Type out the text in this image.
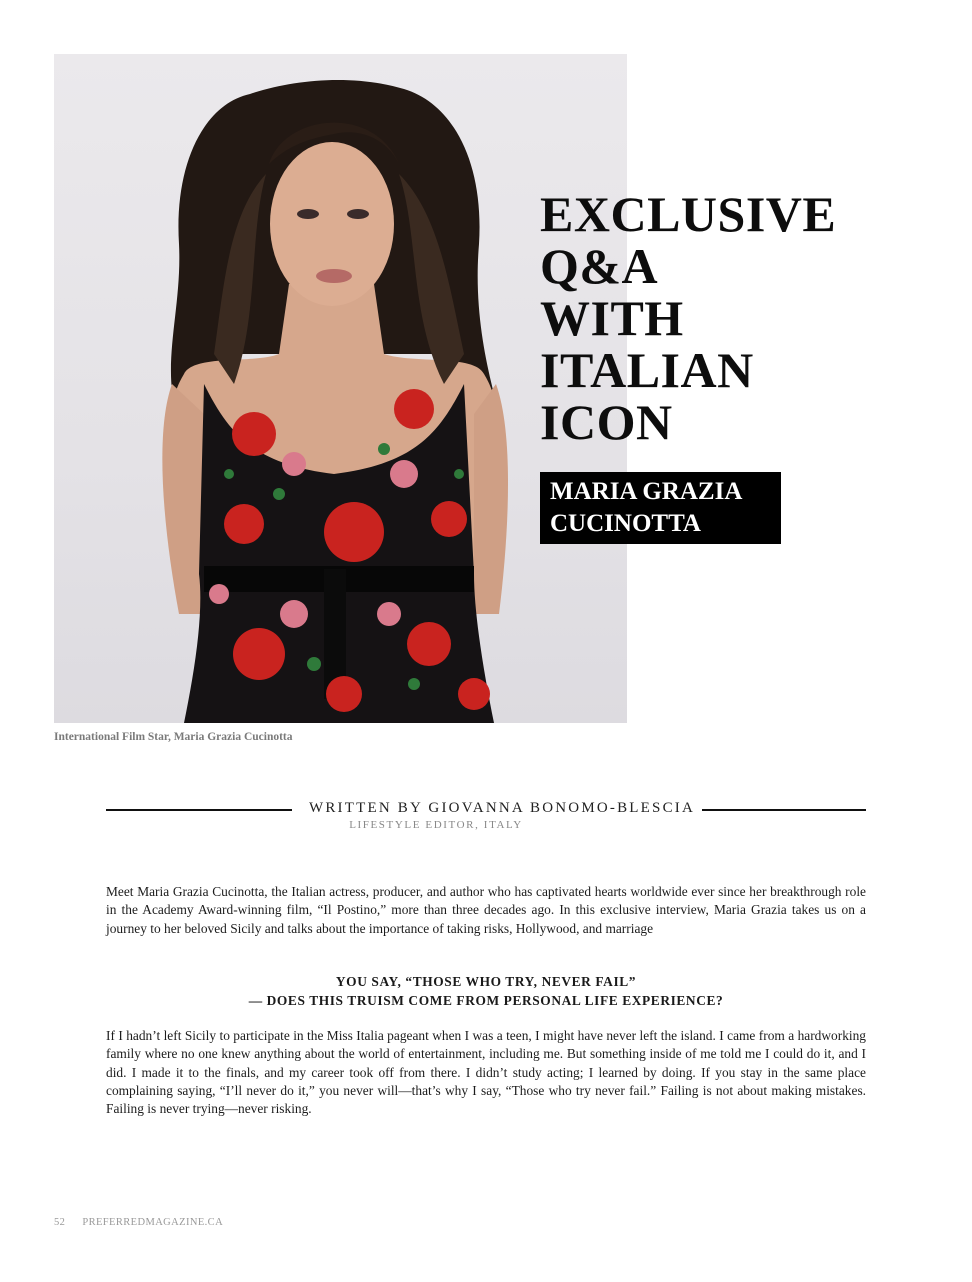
International Film Star, Maria Grazia Cucinotta
EXCLUSIVE
Q&A
WITH
ITALIAN
ICON
MARIA GRAZIA
CUCINOTTA
WRITTEN BY GIOVANNA BONOMO-BLESCIA
LIFESTYLE EDITOR, ITALY

Meet Maria Grazia Cucinotta, the Italian actress, producer, and author who has captivated hearts worldwide ever since her breakthrough role in the Academy Award-winning film, “Il Postino,” more than three decades ago. In this exclusive interview, Maria Grazia takes us on a journey to her beloved Sicily and talks about the importance of taking risks, Hollywood, and marriage

YOU SAY, “THOSE WHO TRY, NEVER FAIL”
— DOES THIS TRUISM COME FROM PERSONAL LIFE EXPERIENCE?

If I hadn’t left Sicily to participate in the Miss Italia pageant when I was a teen, I might have never left the island. I came from a hardworking family where no one knew anything about the world of entertainment, including me. But something inside of me told me I could do it, and I did. I made it to the finals, and my career took off from there. I didn’t study acting; I learned by doing. If you stay in the same place complaining saying, “I’ll never do it,” you never will—that’s why I say, “Those who try never fail.” Failing is not about making mistakes. Failing is never trying—never risking.

52 PREFERREDMAGAZINE.CA
